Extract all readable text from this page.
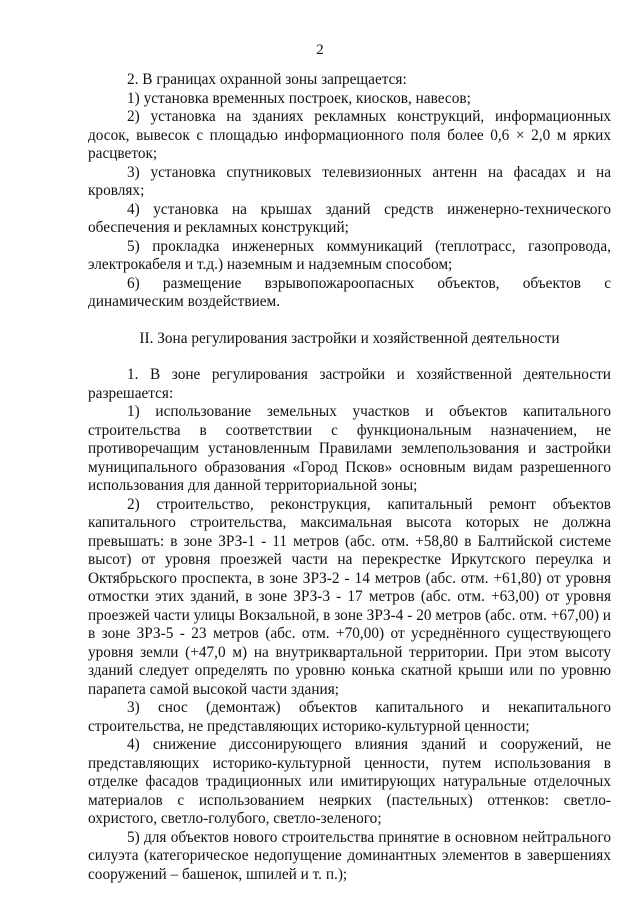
2

2. В границах охранной зоны запрещается:

1) установка временных построек, киосков, навесов;

2) установка на зданиях рекламных конструкций, информационных досок, вывесок с площадью информационного поля более 0,6 × 2,0 м ярких расцветок;

3) установка спутниковых телевизионных антенн на фасадах и на кровлях;

4) установка на крышах зданий средств инженерно-технического обеспечения и рекламных конструкций;

5) прокладка инженерных коммуникаций (теплотрасс, газопровода, электрокабеля и т.д.) наземным и надземным способом;

6) размещение взрывопожароопасных объектов, объектов с динамическим воздействием.

II. Зона регулирования застройки и хозяйственной деятельности

1. В зоне регулирования застройки и хозяйственной деятельности разрешается:

1) использование земельных участков и объектов капитального строительства в соответствии с функциональным назначением, не противоречащим установленным Правилами землепользования и застройки муниципального образования «Город Псков» основным видам разрешенного использования для данной территориальной зоны;

2) строительство, реконструкция, капитальный ремонт объектов капитального строительства, максимальная высота которых не должна превышать: в зоне ЗРЗ-1 - 11 метров (абс. отм. +58,80 в Балтийской системе высот) от уровня проезжей части на перекрестке Иркутского переулка и Октябрьского проспекта, в зоне ЗРЗ-2 - 14 метров (абс. отм. +61,80) от уровня отмостки этих зданий, в зоне ЗРЗ-3 - 17 метров (абс. отм. +63,00) от уровня проезжей части улицы Вокзальной, в зоне ЗРЗ-4 - 20 метров (абс. отм. +67,00) и в зоне ЗРЗ-5 - 23 метров (абс. отм. +70,00) от усреднённого существующего уровня земли (+47,0 м) на внутриквартальной территории. При этом высоту зданий следует определять по уровню конька скатной крыши или по уровню парапета самой высокой части здания;

3) снос (демонтаж) объектов капитального и некапитального строительства, не представляющих историко-культурной ценности;

4) снижение диссонирующего влияния зданий и сооружений, не представляющих историко-культурной ценности, путем использования в отделке фасадов традиционных или имитирующих натуральные отделочных материалов с использованием неярких (пастельных) оттенков: светло-охристого, светло-голубого, светло-зеленого;

5) для объектов нового строительства принятие в основном нейтрального силуэта (категорическое недопущение доминантных элементов в завершениях сооружений – башенок, шпилей и т. п.);
